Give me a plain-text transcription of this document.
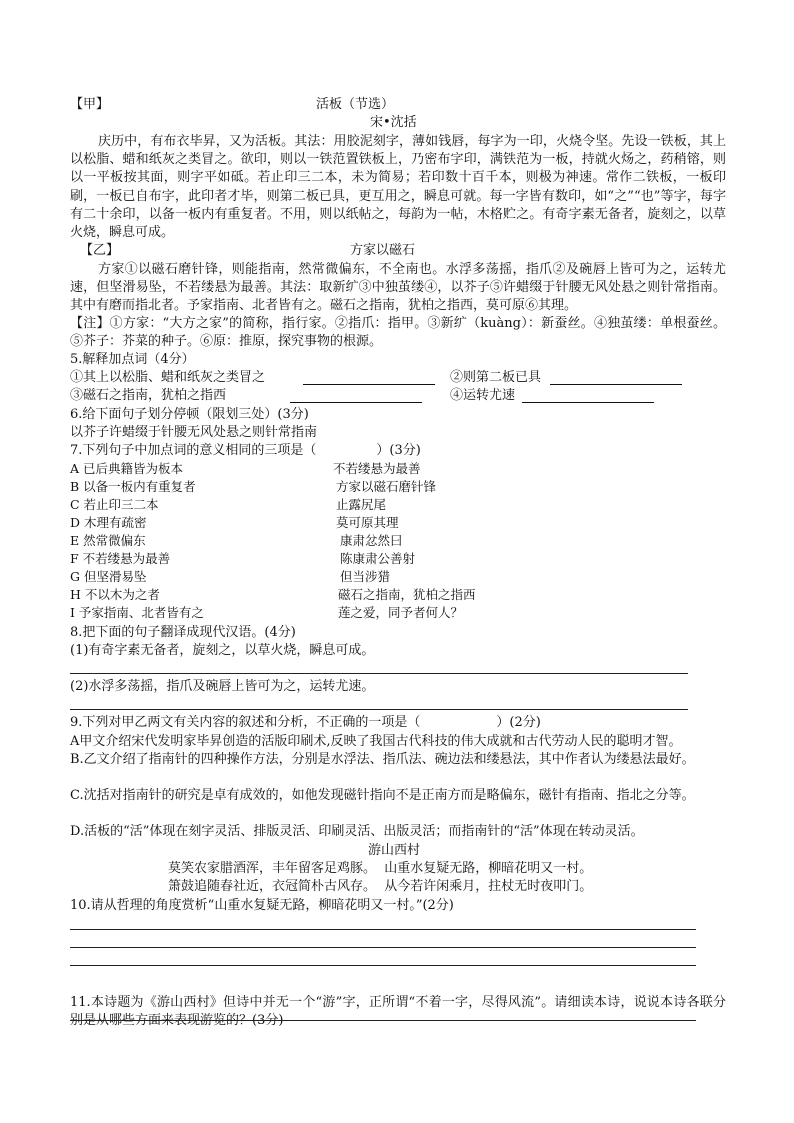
【甲】	活板（节选）
宋•沈括
庆历中，有布衣毕昇，又为活板。其法：用胶泥刻字，薄如钱唇，每字为一印，火烧令坚。先设一铁板，其上以松脂、蜡和纸灰之类冒之。欲印，则以一铁范置铁板上，乃密布字印，满铁范为一板，持就火炀之，药稍镕，则以一平板按其面，则字平如砥。若止印三二本，未为简易；若印数十百千本，则极为神速。常作二铁板，一板印刷，一板已自布字，此印者才毕，则第二板已具，更互用之，瞬息可就。每一字皆有数印，如“之”“也”等字，每字有二十余印，以备一板内有重复者。不用，则以纸帖之，每韵为一帖，木格贮之。有奇字素无备者，旋刻之，以草火烧，瞬息可成。
【乙】	方家以磁石
方家①以磁石磨针锋，则能指南，然常微偏东，不全南也。水浮多荡摇，指爪②及碗唇上皆可为之，运转尤速，但坚滑易坠，不若缕悬为最善。其法：取新纩③中独茧缕④，以芥子⑤许蜡缀于针腰无风处悬之则针常指南。其中有磨而指北者。予家指南、北者皆有之。磁石之指南，犹柏之指西，莫可原⑥其理。
【注】①方家：“大方之家”的简称，指行家。②指爪：指甲。③新纩（kuàng）：新蚕丝。④独茧缕：单根蚕丝。⑤芥子：芥菜的种子。⑥原：推原，探究事物的根源。
5.解释加点词（4分）
①其上以松脂、蜡和纸灰之类冒之	②则第二板已具
③磁石之指南，犹柏之指西	④运转尤速
6.给下面句子划分停顿（限划三处）(3分)
以芥子许蜡缀于针腰无风处悬之则针常指南
7.下列句子中加点词的意义相同的三项是（	）(3分)
A 已后典籍皆为板本	不若缕悬为最善
B 以备一板内有重复者	方家以磁石磨针锋
C 若止印三二本	止露尻尾
D 木理有疏密	莫可原其理
E 然常微偏东	康肃忿然曰
F 不若缕悬为最善	陈康肃公善射
G 但坚滑易坠	但当涉猎
H 不以木为之者	磁石之指南，犹柏之指西
I 予家指南、北者皆有之	莲之爱，同予者何人？
8.把下面的句子翻译成现代汉语。(4分)
(1)有奇字素无备者，旋刻之，以草火烧，瞬息可成。
(2)水浮多荡摇，指爪及碗唇上皆可为之，运转尤速。
9.下列对甲乙两文有关内容的叙述和分析，不正确的一项是（	）(2分)
A甲文介绍宋代发明家毕昇创造的活版印刷术,反映了我国古代科技的伟大成就和古代劳动人民的聪明才智。
B.乙文介绍了指南针的四种操作方法，分别是水浮法、指爪法、碗边法和缕悬法，其中作者认为缕悬法最好。
C.沈括对指南针的研究是卓有成效的，如他发现磁针指向不是正南方而是略偏东，磁针有指南、指北之分等。
D.活板的“活”体现在刻字灵活、排版灵活、印刷灵活、出版灵活；而指南针的“活”体现在转动灵活。
游山西村
莫笑农家腊酒浑，丰年留客足鸡豚。  山重水复疑无路，柳暗花明又一村。
箫鼓追随春社近，衣冠简朴古风存。  从今若许闲乘月，拄杖无时夜叩门。
10.请从哲理的角度赏析“山重水复疑无路，柳暗花明又一村。”(2分)
11.本诗题为《游山西村》但诗中并无一个“游”字，正所谓“不着一字，尽得风流”。请细读本诗，说说本诗各联分别是从哪些方面来表现游览的？(3分)
